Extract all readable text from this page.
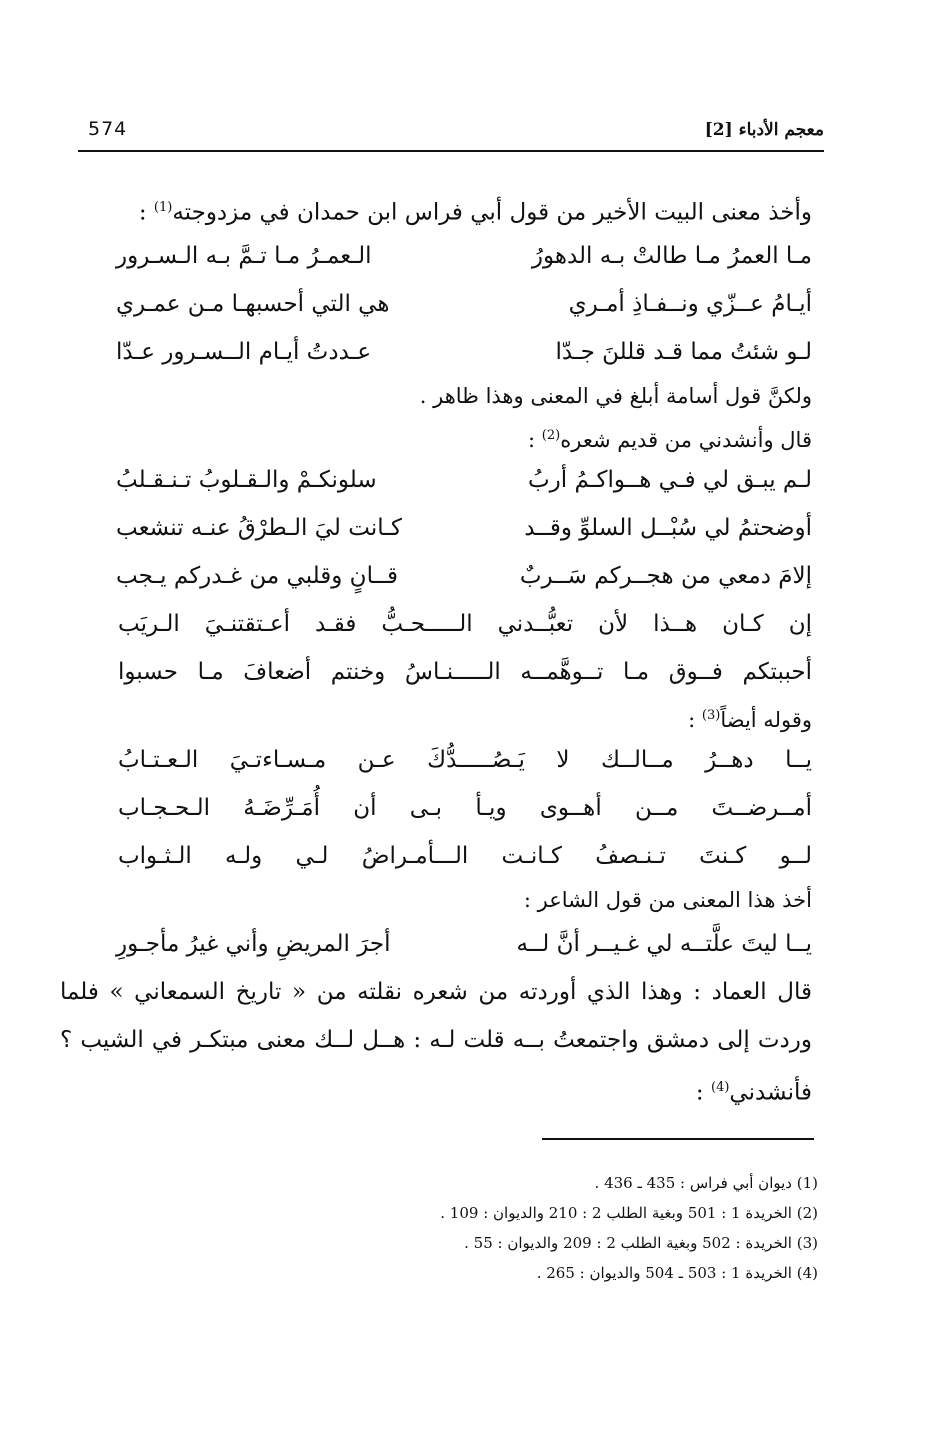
574	معجم الأدباء [2]
وأخذ معنى البيت الأخير من قول أبي فراس ابن حمدان في مزدوجته$^{(1)}$ :
مـا العمرُ مـا طالتْ بـه الدهورُ
الـعمـرُ مـا تـمَّ بـه الـسـرور
أيـامُ عــزّي ونــفـاذِ أمـري
هي التي أحسبهـا مـن عمـري
لـو شئتُ مما قـد قللنَ جـدّا
عـددتُ أيـام الــسـرور عـدّا
ولكنَّ قول أسامة أبلغ في المعنى وهذا ظاهر .
قال وأنشدني من قديم شعره$^{(2)}$ :
لـم يبـق لي فـي هــواكـمُ أربُ
سلونكـمْ والـقـلوبُ تـنـقـلبُ
أوضحتمُ لي سُبْــل السلوِّ وقــد
كـانت ليَ الـطرْقُ عنـه تنشعب
إلامَ دمعي من هجــركم سَــربٌ
قــانٍ وقلبي من غـدركم يـجب
إن كـان هــذا لأن تعبُّــدني الـــــحـبُّ فقـد أعـتقتنـيَ الـريَب
أحببتكم فــوق مـا تــوهَّمــه الـــــنـاسُ وخنتم أضعافَ مـا حسبوا
وقوله أيضاً$^{(3)}$ :
يــا دهــرُ مــالــك لا يَـصُـــــدُّكَ عـن مـسـاءتـيَ الـعـتـابُ
أمــرضــتَ مــن أهــوى ويـأ بـى أن أُمَـرِّضَـهُ الـحـجـاب
لــو كـنتَ تـنـصفُ كـانـت الـــأمـراضُ لـي ولـه الـثـواب
أخذ هذا المعنى من قول الشاعر :
يــا ليتَ علَّتــه لي غـيــر أنَّ لــه
أجرَ المريضِ وأني غيرُ مأجـورِ
قال العماد : وهذا الذي أوردته من شعره نقلته من « تاريخ السمعاني » فلما
وردت إلى دمشق واجتمعتُ بــه قلت لـه : هــل لــك معنى مبتكـر في الشيب ؟
فأنشدني$^{(4)}$ :
(1) ديوان أبي فراس : 435 ـ 436 .
(2) الخريدة 1 : 501 وبغية الطلب 2 : 210 والديوان : 109 .
(3) الخريدة : 502 وبغية الطلب 2 : 209 والديوان : 55 .
(4) الخريدة 1 : 503 ـ 504 والديوان : 265 .
